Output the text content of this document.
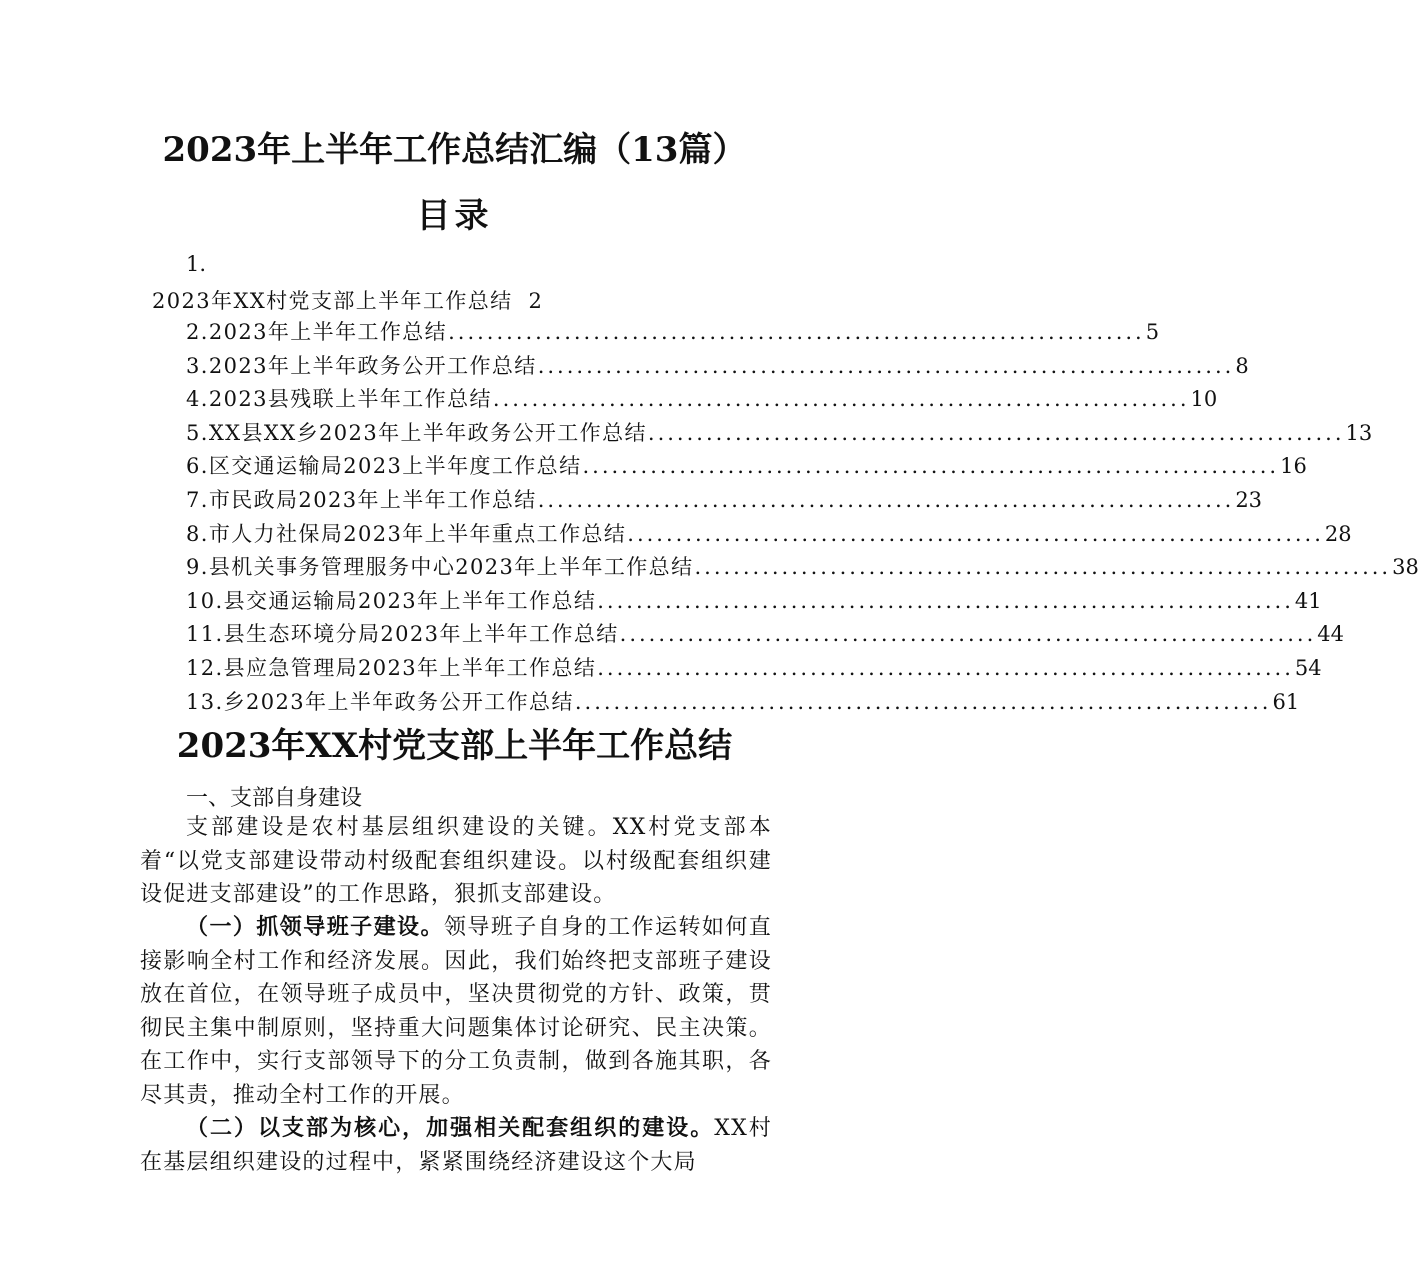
2023年上半年工作总结汇编（13篇）
目录
1.
2023年XX村党支部上半年工作总结 2
2.2023年上半年工作总结 ........................................................................ 5
3.2023年上半年政务公开工作总结 ........................................................................ 8
4.2023县残联上半年工作总结 ........................................................................ 10
5.XX县XX乡2023年上半年政务公开工作总结 ........................................................................ 13
6.区交通运输局2023上半年度工作总结 ........................................................................ 16
7.市民政局2023年上半年工作总结 ........................................................................ 23
8.市人力社保局2023年上半年重点工作总结 ........................................................................ 28
9.县机关事务管理服务中心2023年上半年工作总结 ........................................................................ 38
10.县交通运输局2023年上半年工作总结 ........................................................................ 41
11.县生态环境分局2023年上半年工作总结 ........................................................................ 44
12.县应急管理局2023年上半年工作总结 ........................................................................ 54
13.乡2023年上半年政务公开工作总结 ........................................................................ 61
2023年XX村党支部上半年工作总结
一、支部自身建设
支部建设是农村基层组织建设的关键。XX村党支部本着“以党支部建设带动村级配套组织建设。以村级配套组织建设促进支部建设”的工作思路，狠抓支部建设。
（一）抓领导班子建设。领导班子自身的工作运转如何直接影响全村工作和经济发展。因此，我们始终把支部班子建设放在首位，在领导班子成员中，坚决贯彻党的方针、政策，贯彻民主集中制原则，坚持重大问题集体讨论研究、民主决策。在工作中，实行支部领导下的分工负责制，做到各施其职，各尽其责，推动全村工作的开展。
（二）以支部为核心，加强相关配套组织的建设。XX村在基层组织建设的过程中，紧紧围绕经济建设这个大局
